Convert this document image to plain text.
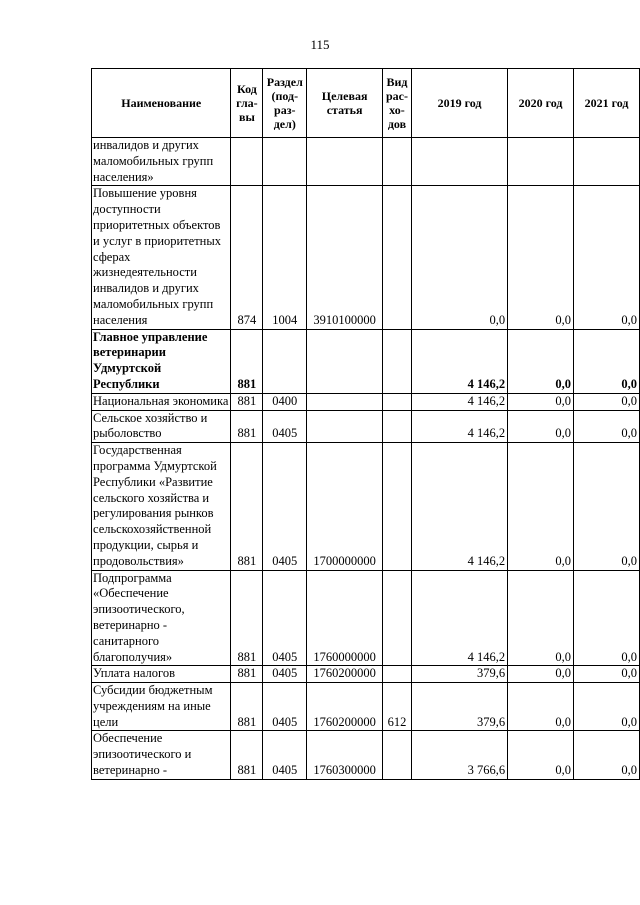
115
Наименование	Код гла-вы	Раздел (под-раз-дел)	Целевая статья	Вид рас-хо-дов	2019 год	2020 год	2021 год
инвалидов и других маломобильных групп населения»							
Повышение уровня доступности приоритетных объектов и услуг в приоритетных сферах жизнедеятельности инвалидов и других маломобильных групп населения	874	1004	3910100000		0,0	0,0	0,0
Главное управление ветеринарии Удмуртской Республики	881				4 146,2	0,0	0,0
Национальная экономика	881	0400			4 146,2	0,0	0,0
Сельское хозяйство и рыболовство	881	0405			4 146,2	0,0	0,0
Государственная программа Удмуртской Республики «Развитие сельского хозяйства и регулирования рынков сельскохозяйственной продукции, сырья и продовольствия»	881	0405	1700000000		4 146,2	0,0	0,0
Подпрограмма «Обеспечение эпизоотического, ветеринарно - санитарного благополучия»	881	0405	1760000000		4 146,2	0,0	0,0
Уплата налогов	881	0405	1760200000		379,6	0,0	0,0
Субсидии бюджетным учреждениям на иные цели	881	0405	1760200000	612	379,6	0,0	0,0
Обеспечение эпизоотического и ветеринарно -	881	0405	1760300000		3 766,6	0,0	0,0
